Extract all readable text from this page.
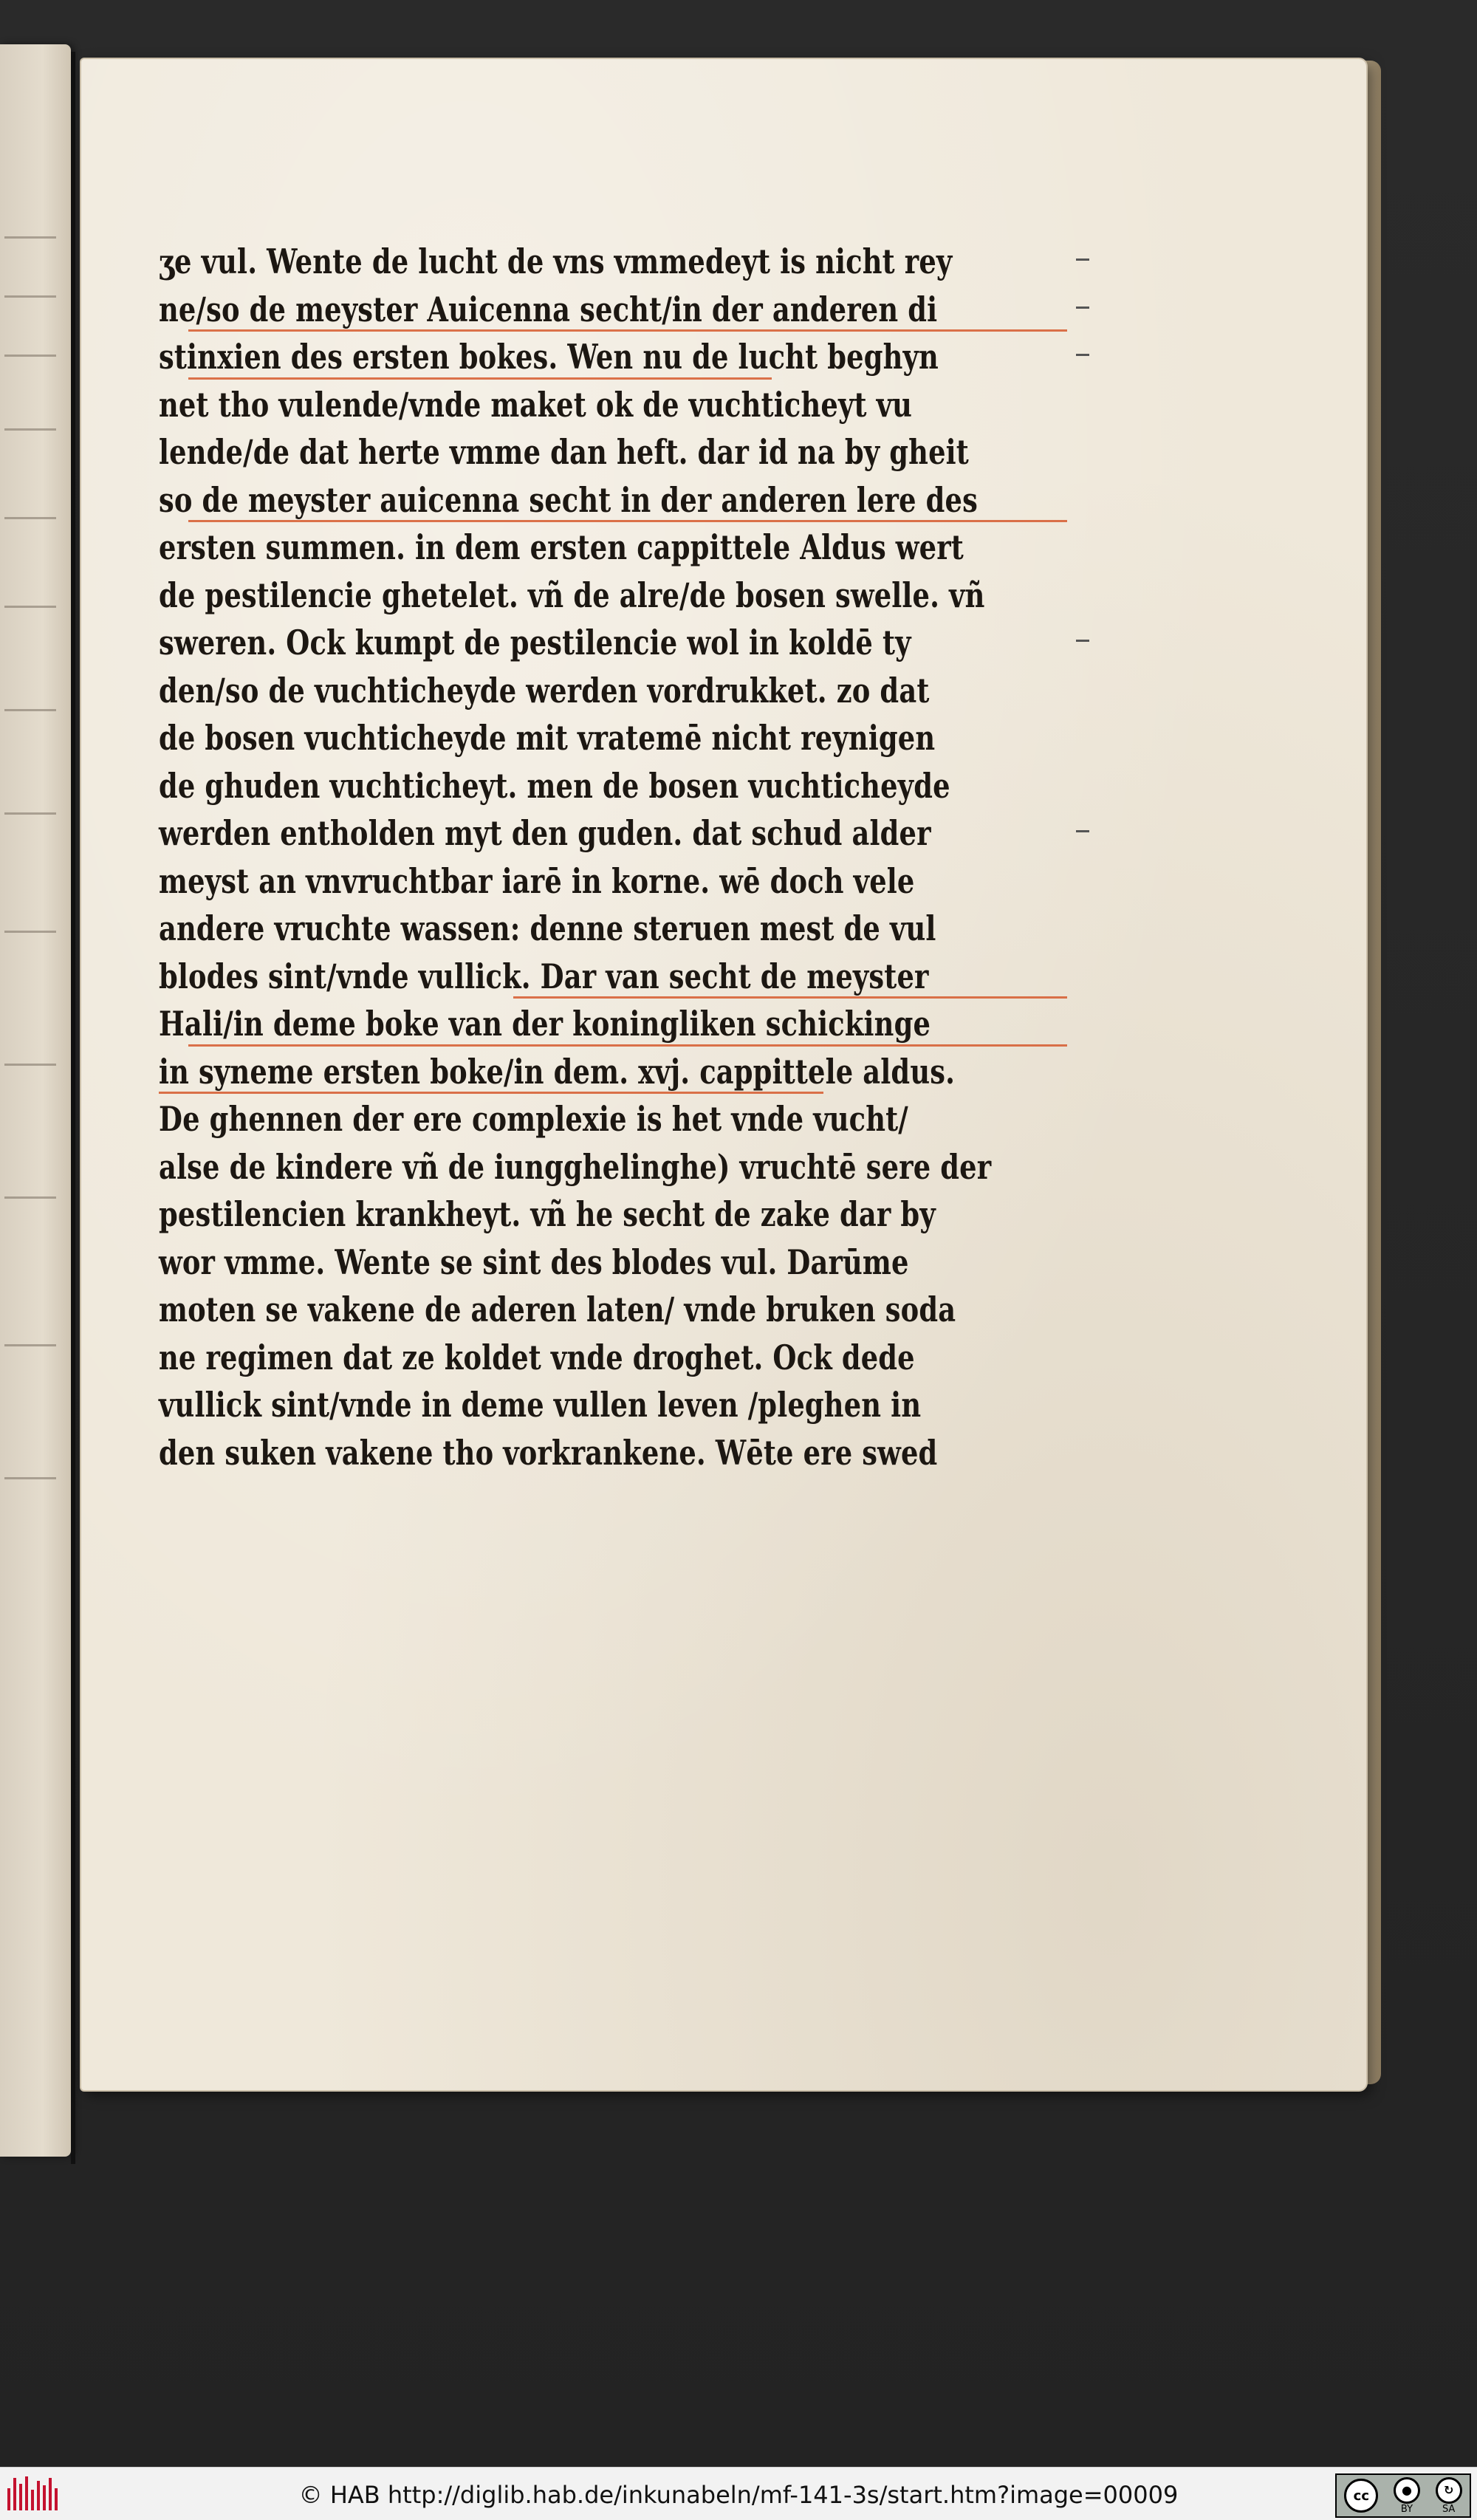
ʒe vul. Wente de lucht de vns vmmedeyt is nicht rey
ne/so de meyster Auicenna secht/in der anderen di
stinxien des ersten bokes. Wen nu de lucht beghyn
net tho vulende/vnde maket ok de vuchticheyt vu
lende/de dat herte vmme dan heft. dar id na by gheit
so de meyster auicenna secht in der anderen lere des
ersten summen. in dem ersten cappittele Aldus wert
de pestilencie ghetelet. vñ de alre/de bosen swelle. vñ
sweren. Ock kumpt de pestilencie wol in koldē ty
den/so de vuchticheyde werden vordrukket. zo dat
de bosen vuchticheyde mit vratemē nicht reynigen
de ghuden vuchticheyt. men de bosen vuchticheyde
werden entholden myt den guden. dat schud alder
meyst an vnvruchtbar iarē in korne. wē doch vele
andere vruchte wassen: denne steruen mest de vul
blodes sint/vnde vullick. Dar van secht de meyster
Hali/in deme boke van der koningliken schickinge
in syneme ersten boke/in dem. xvj. cappittele aldus.
De ghennen der ere complexie is het vnde vucht/
alse de kindere vñ de iungghelinghe) vruchtē sere der
pestilencien krankheyt. vñ he secht de zake dar by
wor vmme. Wente se sint des blodes vul. Darūme
moten se vakene de aderen laten/ vnde bruken soda
ne regimen dat ze koldet vnde droghet. Ock dede
vullick sint/vnde in deme vullen leven /pleghen in
den suken vakene tho vorkrankene. Wēte ere swed
© HAB http://diglib.hab.de/inkunabeln/mf-141-3s/start.htm?image=00009	cc	●
BY
↻
SA
